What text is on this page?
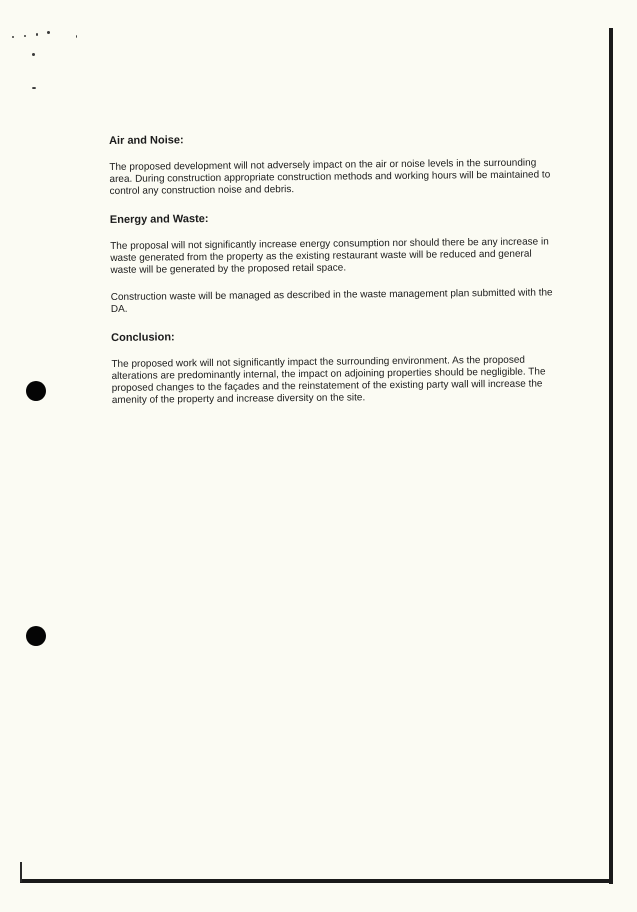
Air and Noise:

The proposed development will not adversely impact on the air or noise levels in the surrounding area. During construction appropriate construction methods and working hours will be maintained to control any construction noise and debris.

Energy and Waste:

The proposal will not significantly increase energy consumption nor should there be any increase in waste generated from the property as the existing restaurant waste will be reduced and general waste will be generated by the proposed retail space.

Construction waste will be managed as described in the waste management plan submitted with the DA.

Conclusion:

The proposed work will not significantly impact the surrounding environment. As the proposed alterations are predominantly internal, the impact on adjoining properties should be negligible. The proposed changes to the façades and the reinstatement of the existing party wall will increase the amenity of the property and increase diversity on the site.
